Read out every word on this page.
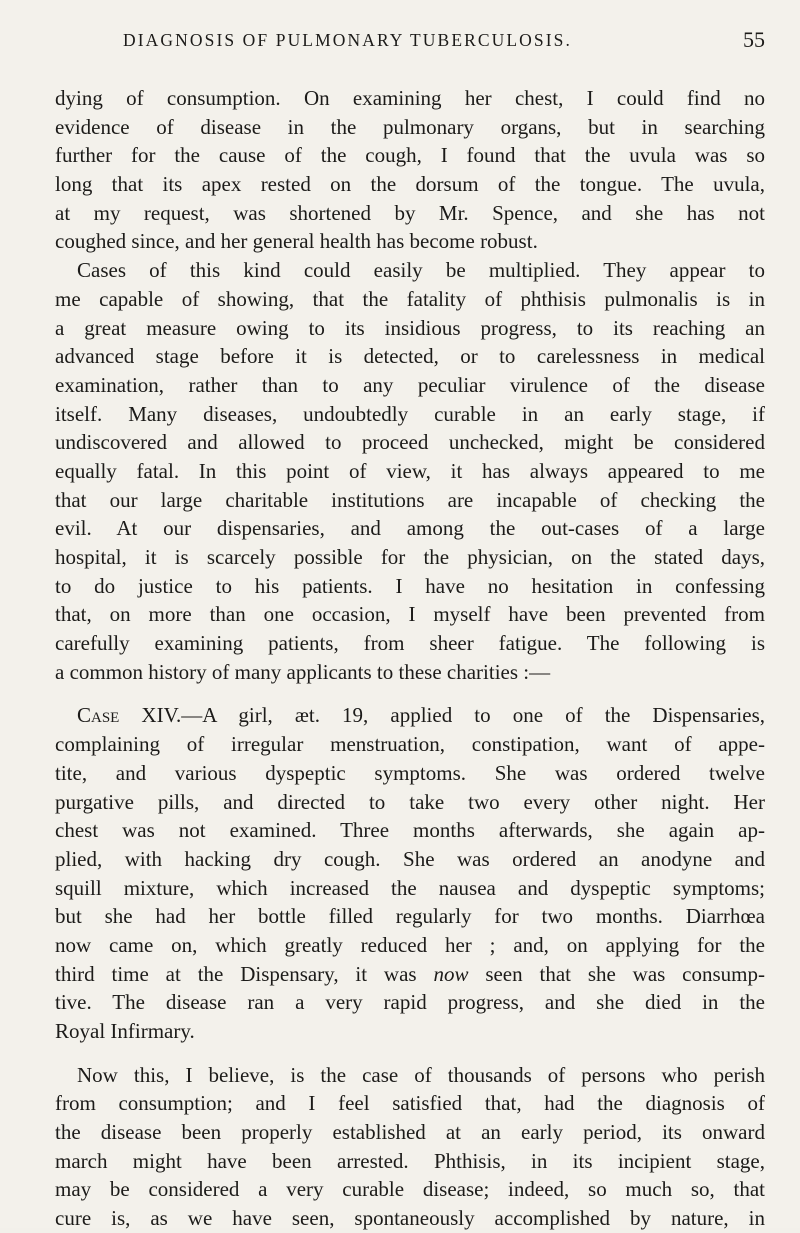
DIAGNOSIS OF PULMONARY TUBERCULOSIS.	55
dying of consumption. On examining her chest, I could find no
evidence of disease in the pulmonary organs, but in searching
further for the cause of the cough, I found that the uvula was so
long that its apex rested on the dorsum of the tongue. The uvula,
at my request, was shortened by Mr. Spence, and she has not
coughed since, and her general health has become robust.
Cases of this kind could easily be multiplied. They appear to
me capable of showing, that the fatality of phthisis pulmonalis is in
a great measure owing to its insidious progress, to its reaching an
advanced stage before it is detected, or to carelessness in medical
examination, rather than to any peculiar virulence of the disease
itself. Many diseases, undoubtedly curable in an early stage, if
undiscovered and allowed to proceed unchecked, might be considered
equally fatal. In this point of view, it has always appeared to me
that our large charitable institutions are incapable of checking the
evil. At our dispensaries, and among the out-cases of a large
hospital, it is scarcely possible for the physician, on the stated days,
to do justice to his patients. I have no hesitation in confessing
that, on more than one occasion, I myself have been prevented from
carefully examining patients, from sheer fatigue. The following is
a common history of many applicants to these charities :—
Case XIV.—A girl, æt. 19, applied to one of the Dispensaries,
complaining of irregular menstruation, constipation, want of appe-
tite, and various dyspeptic symptoms. She was ordered twelve
purgative pills, and directed to take two every other night. Her
chest was not examined. Three months afterwards, she again ap-
plied, with hacking dry cough. She was ordered an anodyne and
squill mixture, which increased the nausea and dyspeptic symptoms;
but she had her bottle filled regularly for two months. Diarrhœa
now came on, which greatly reduced her ; and, on applying for the
third time at the Dispensary, it was now seen that she was consump-
tive. The disease ran a very rapid progress, and she died in the
Royal Infirmary.
Now this, I believe, is the case of thousands of persons who perish
from consumption; and I feel satisfied that, had the diagnosis of
the disease been properly established at an early period, its onward
march might have been arrested. Phthisis, in its incipient stage,
may be considered a very curable disease; indeed, so much so, that
cure is, as we have seen, spontaneously accomplished by nature, in
